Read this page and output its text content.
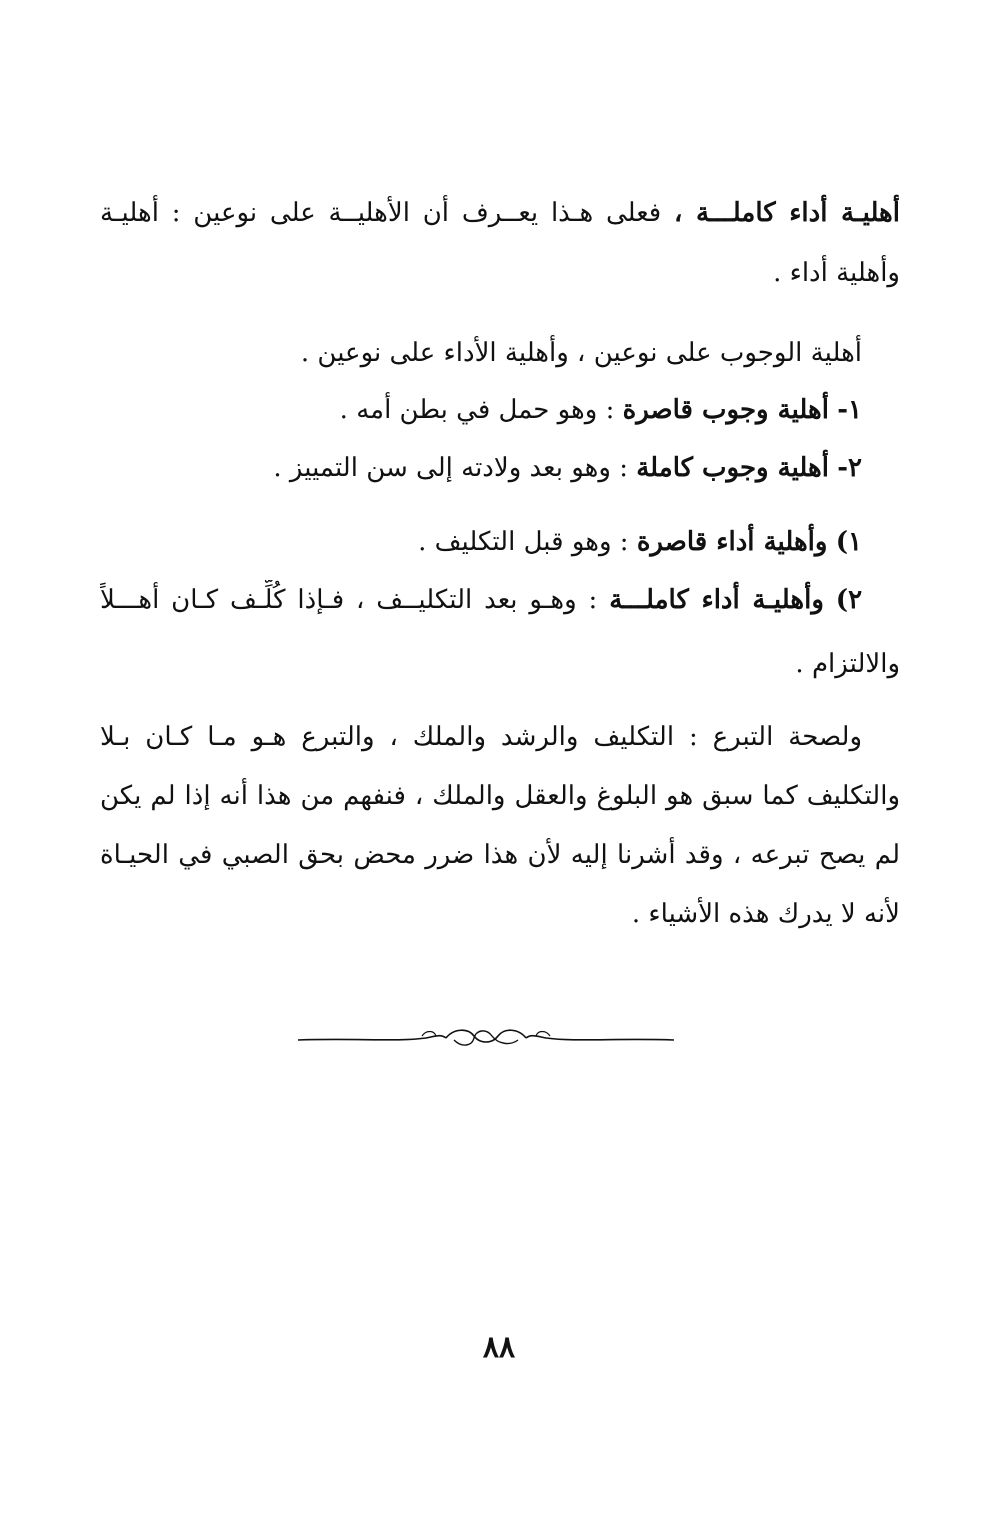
أهليـة أداء كاملـــة ، فعلى هـذا يعــرف أن الأهليــة على نوعين : أهليـة
وأهلية أداء .
أهلية الوجوب على نوعين ، وأهلية الأداء على نوعين .
١- أهلية وجوب قاصرة : وهو حمل في بطن أمه .
٢- أهلية وجوب كاملة : وهو بعد ولادته إلى سن التمييز .
١) وأهلية أداء قاصرة : وهو قبل التكليف .
٢) وأهليـة أداء كاملـــة : وهـو بعد التكليــف ، فـإذا كُلِّـف كـان أهـــلاً
والالتزام .
ولصحة التبرع : التكليف والرشد والملك ، والتبرع هـو مـا كـان بـلا
والتكليف كما سبق هو البلوغ والعقل والملك ، فنفهم من هذا أنه إذا لم يكن
لم يصح تبرعه ، وقد أشرنا إليه لأن هذا ضرر محض بحق الصبي في الحيـاة
لأنه لا يدرك هذه الأشياء .
٨٨
